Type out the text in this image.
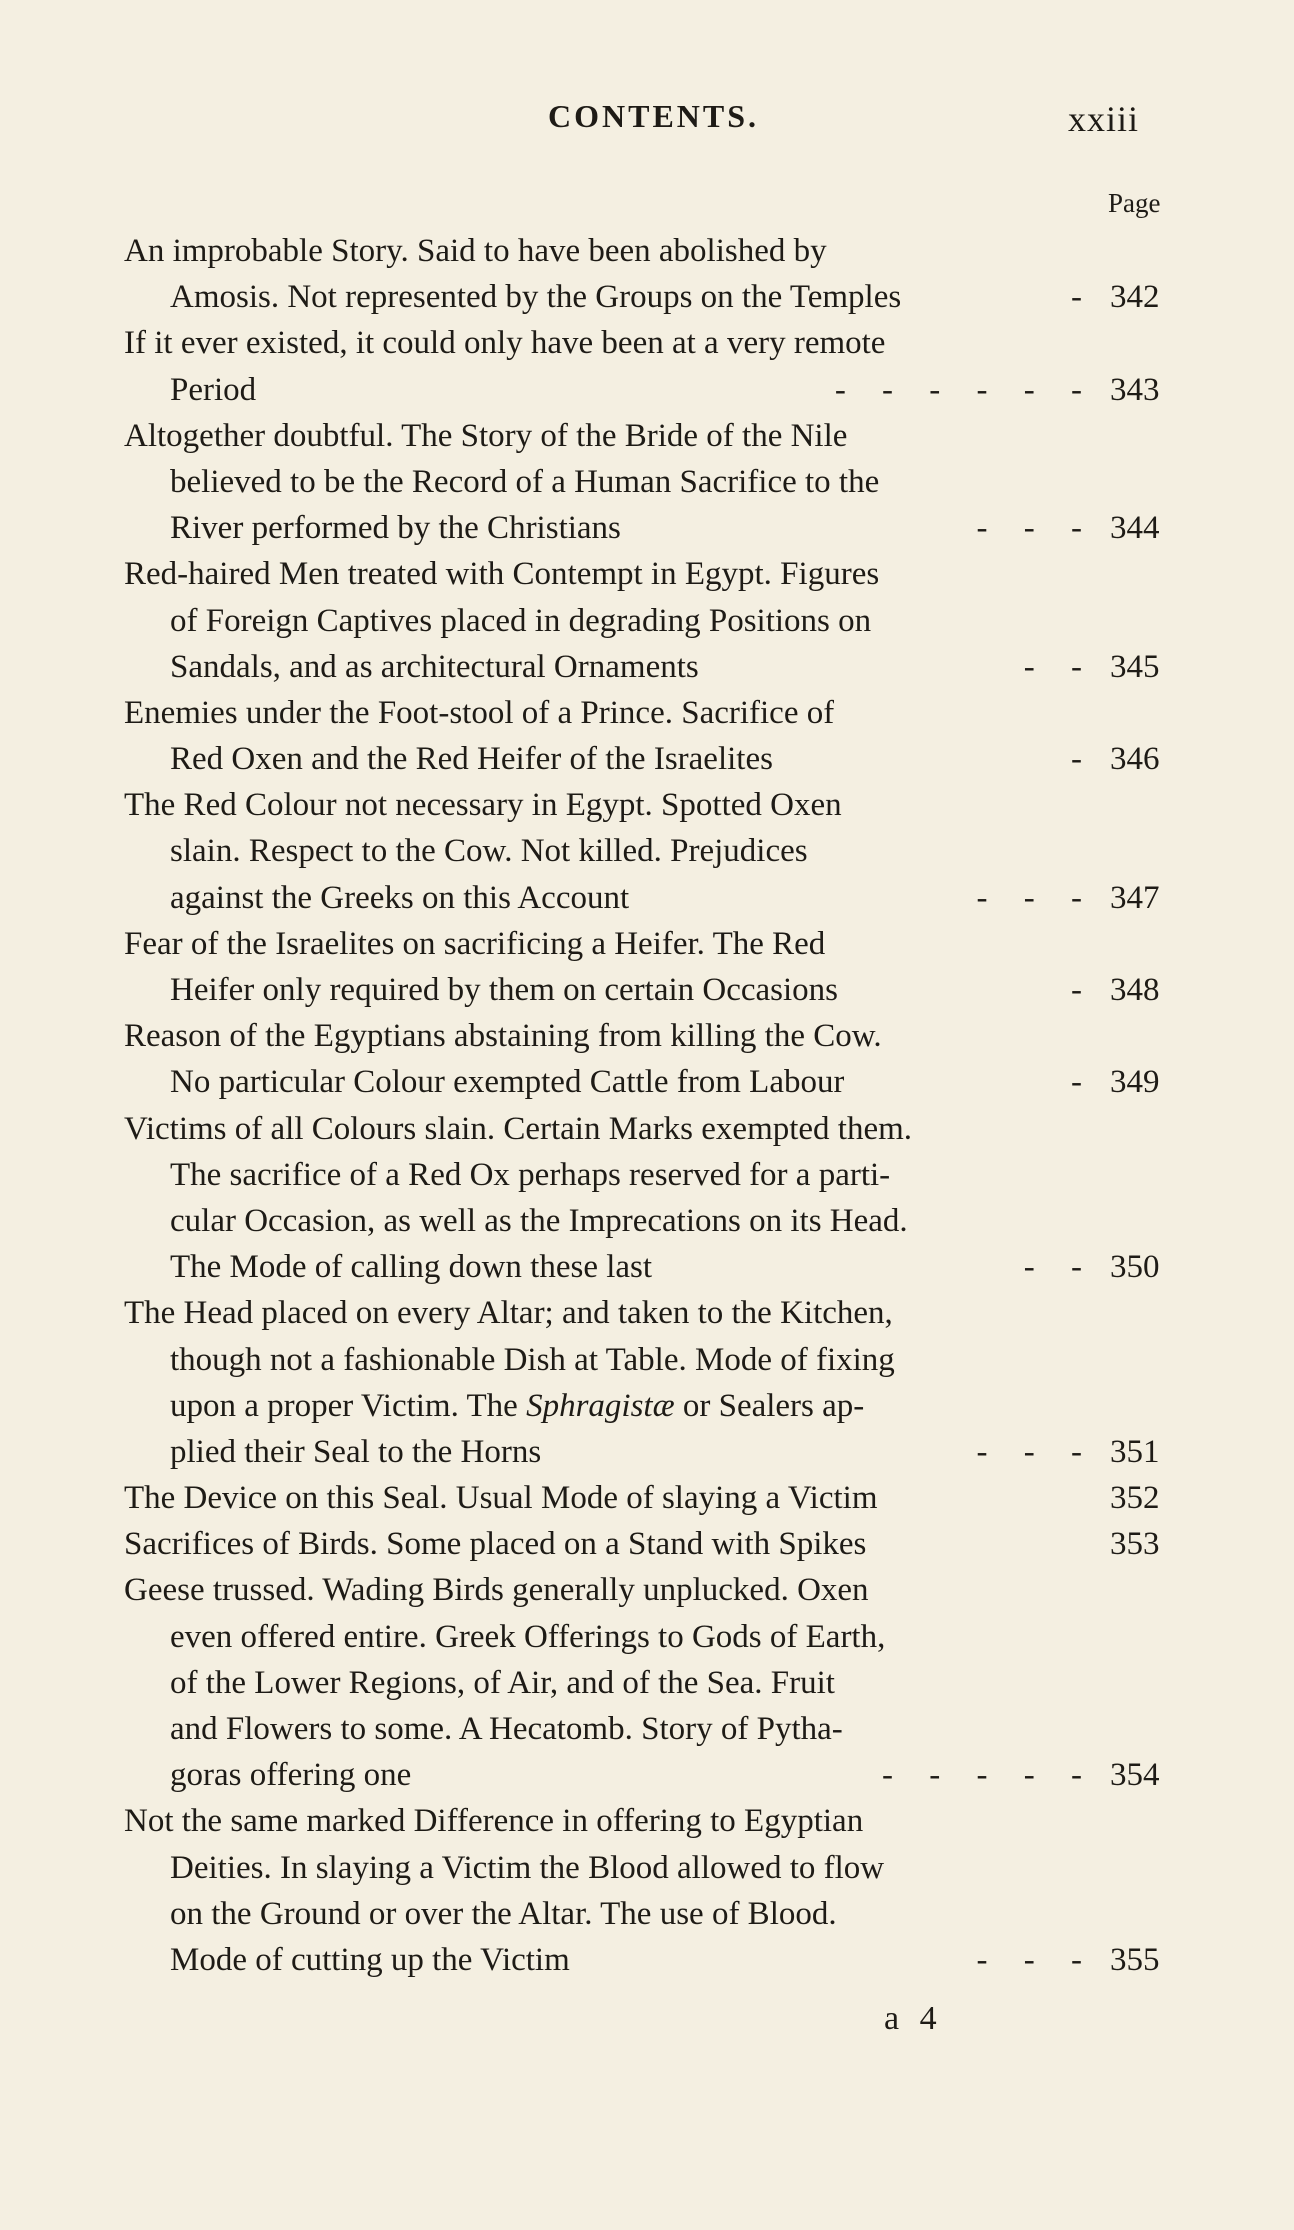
CONTENTS.	xxiii
Page
An improbable Story. Said to have been abolished by
Amosis. Not represented by the Groups on the Temples	- 342
If it ever existed, it could only have been at a very remote
Period	- - - - - - 343
Altogether doubtful. The Story of the Bride of the Nile
believed to be the Record of a Human Sacrifice to the
River performed by the Christians	- - - 344
Red-haired Men treated with Contempt in Egypt. Figures
of Foreign Captives placed in degrading Positions on
Sandals, and as architectural Ornaments	- - 345
Enemies under the Foot-stool of a Prince. Sacrifice of
Red Oxen and the Red Heifer of the Israelites	- 346
The Red Colour not necessary in Egypt. Spotted Oxen
slain. Respect to the Cow. Not killed. Prejudices
against the Greeks on this Account	- - - 347
Fear of the Israelites on sacrificing a Heifer. The Red
Heifer only required by them on certain Occasions	- 348
Reason of the Egyptians abstaining from killing the Cow.
No particular Colour exempted Cattle from Labour	- 349
Victims of all Colours slain. Certain Marks exempted them.
The sacrifice of a Red Ox perhaps reserved for a parti-
cular Occasion, as well as the Imprecations on its Head.
The Mode of calling down these last	- - 350
The Head placed on every Altar; and taken to the Kitchen,
though not a fashionable Dish at Table. Mode of fixing
upon a proper Victim. The Sphragistæ or Sealers ap-
plied their Seal to the Horns	- - - 351
The Device on this Seal. Usual Mode of slaying a Victim	352
Sacrifices of Birds. Some placed on a Stand with Spikes	353
Geese trussed. Wading Birds generally unplucked. Oxen
even offered entire. Greek Offerings to Gods of Earth,
of the Lower Regions, of Air, and of the Sea. Fruit
and Flowers to some. A Hecatomb. Story of Pytha-
goras offering one	- - - - - 354
Not the same marked Difference in offering to Egyptian
Deities. In slaying a Victim the Blood allowed to flow
on the Ground or over the Altar. The use of Blood.
Mode of cutting up the Victim	- - - 355
a 4
